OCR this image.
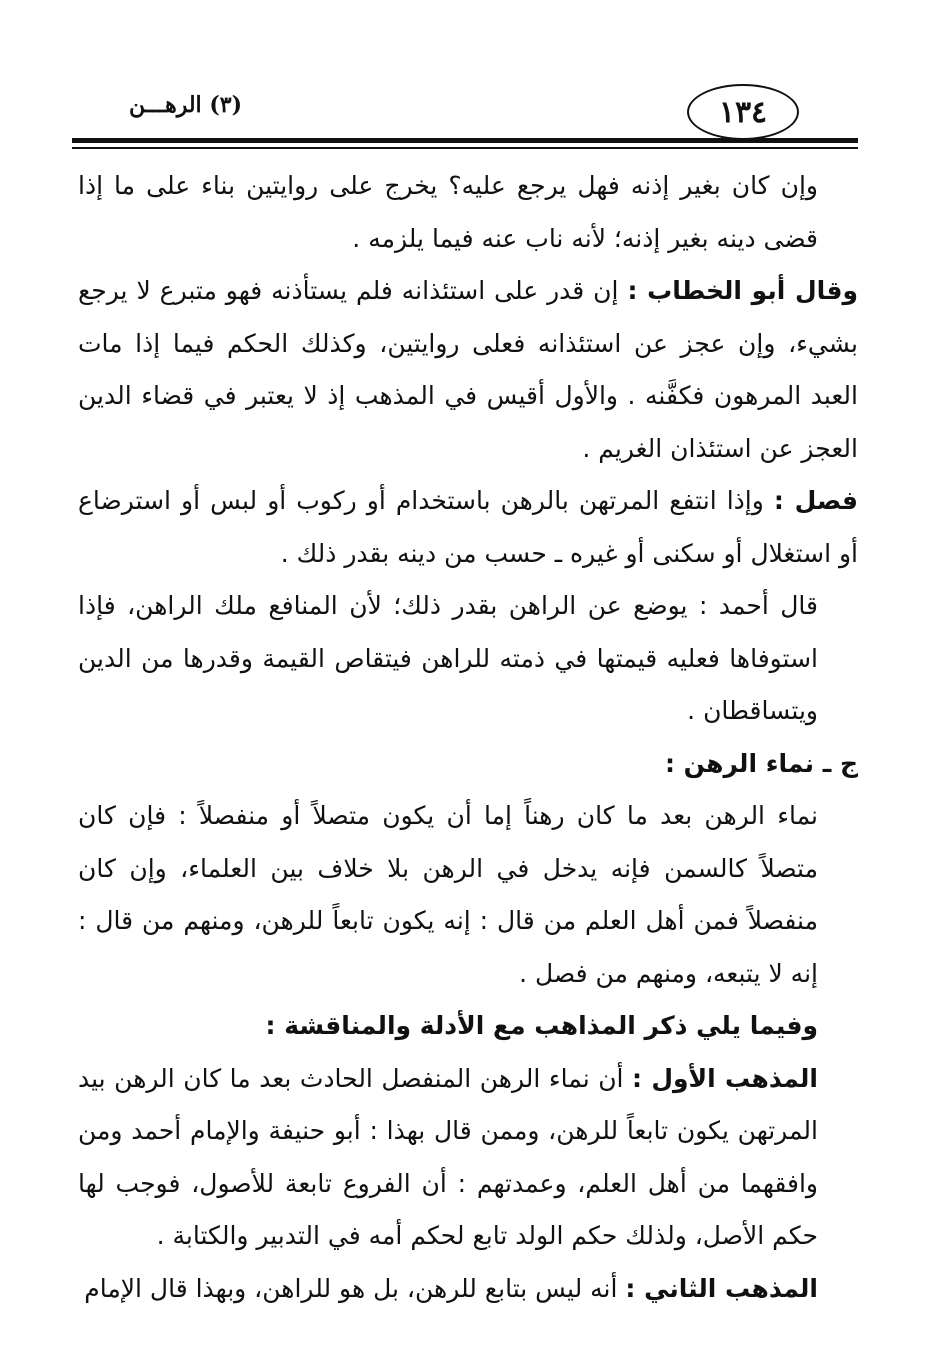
١٣٤
(٣) الرهـــن

وإن كان بغير إذنه فهل يرجع عليه؟ يخرج على روايتين بناء على ما إذا قضى دينه بغير إذنه؛ لأنه ناب عنه فيما يلزمه .

وقال أبو الخطاب : إن قدر على استئذانه فلم يستأذنه فهو متبرع لا يرجع بشيء، وإن عجز عن استئذانه فعلى روايتين، وكذلك الحكم فيما إذا مات العبد المرهون فكفَّنه . والأول أقيس في المذهب إذ لا يعتبر في قضاء الدين العجز عن استئذان الغريم .

فصل : وإذا انتفع المرتهن بالرهن باستخدام أو ركوب أو لبس أو استرضاع أو استغلال أو سكنى أو غيره ـ حسب من دينه بقدر ذلك .

قال أحمد : يوضع عن الراهن بقدر ذلك؛ لأن المنافع ملك الراهن، فإذا استوفاها فعليه قيمتها في ذمته للراهن فيتقاص القيمة وقدرها من الدين ويتساقطان .

ج ـ نماء الرهن :

نماء الرهن بعد ما كان رهناً إما أن يكون متصلاً أو منفصلاً : فإن كان متصلاً كالسمن فإنه يدخل في الرهن بلا خلاف بين العلماء، وإن كان منفصلاً فمن أهل العلم من قال : إنه يكون تابعاً للرهن، ومنهم من قال : إنه لا يتبعه، ومنهم من فصل .

وفيما يلي ذكر المذاهب مع الأدلة والمناقشة :

المذهب الأول : أن نماء الرهن المنفصل الحادث بعد ما كان الرهن بيد المرتهن يكون تابعاً للرهن، وممن قال بهذا : أبو حنيفة والإمام أحمد ومن وافقهما من أهل العلم، وعمدتهم : أن الفروع تابعة للأصول، فوجب لها حكم الأصل، ولذلك حكم الولد تابع لحكم أمه في التدبير والكتابة .

المذهب الثاني : أنه ليس بتابع للرهن، بل هو للراهن، وبهذا قال الإمام
